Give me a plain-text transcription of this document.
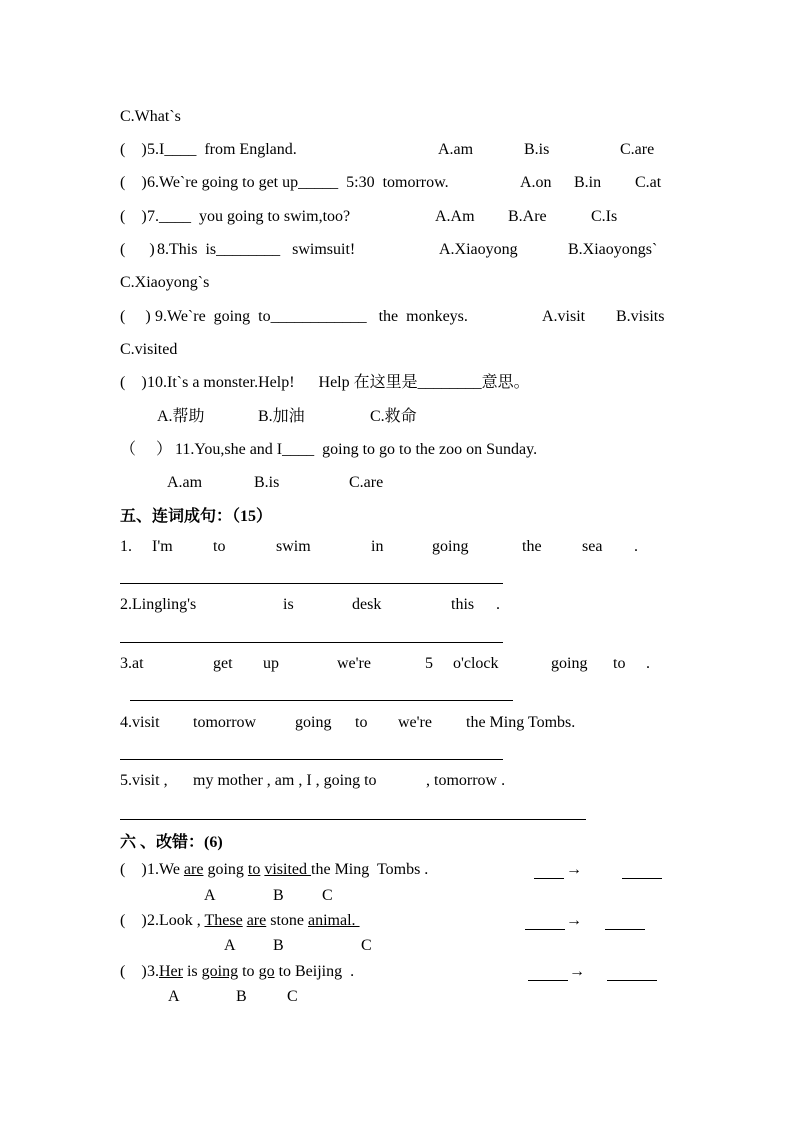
C.What`s
(    ) 5.I____  from England.	A.am	B.is	C.are
(    ) 6.We`re going to get up_____  5:30  tomorrow.	A.on B.in C.at
(    ) 7.____  you going to swim,too?	A.Am B.Are	C.Is
(      ) 8.This  is________   swimsuit!	A.Xiaoyong	B.Xiaoyongs`
C.Xiaoyong`s
(     ) 9.We`re  going  to____________   the  monkeys.	A.visit B.visits
C.visited
(    ) 10.It`s a monster.Help!      Help 在这里是________意思。
A.帮助	B.加油	C.救命
（     ） 11.You,she and I____  going to go to the zoo on Sunday.
A.am	B.is	C.are
五、连词成句：（15）
1. I'm	to	swim	in	going	the	sea .
2.Lingling's	is	desk	this .
3.at	get up	we're	5 o'clock	going to .
4.visit tomorrow going to we're the Ming Tombs.
5.visit , my mother , am , I , going to	, tomorrow .
六 、改错：(6)
(    ) 1.We are going to visited the Ming  Tombs .
A	B C
→
(    ) 2.Look , These are stone animal.
A B	C
→
(    ) 3.Her is going to go to Beijing  .
A	B	C
→
